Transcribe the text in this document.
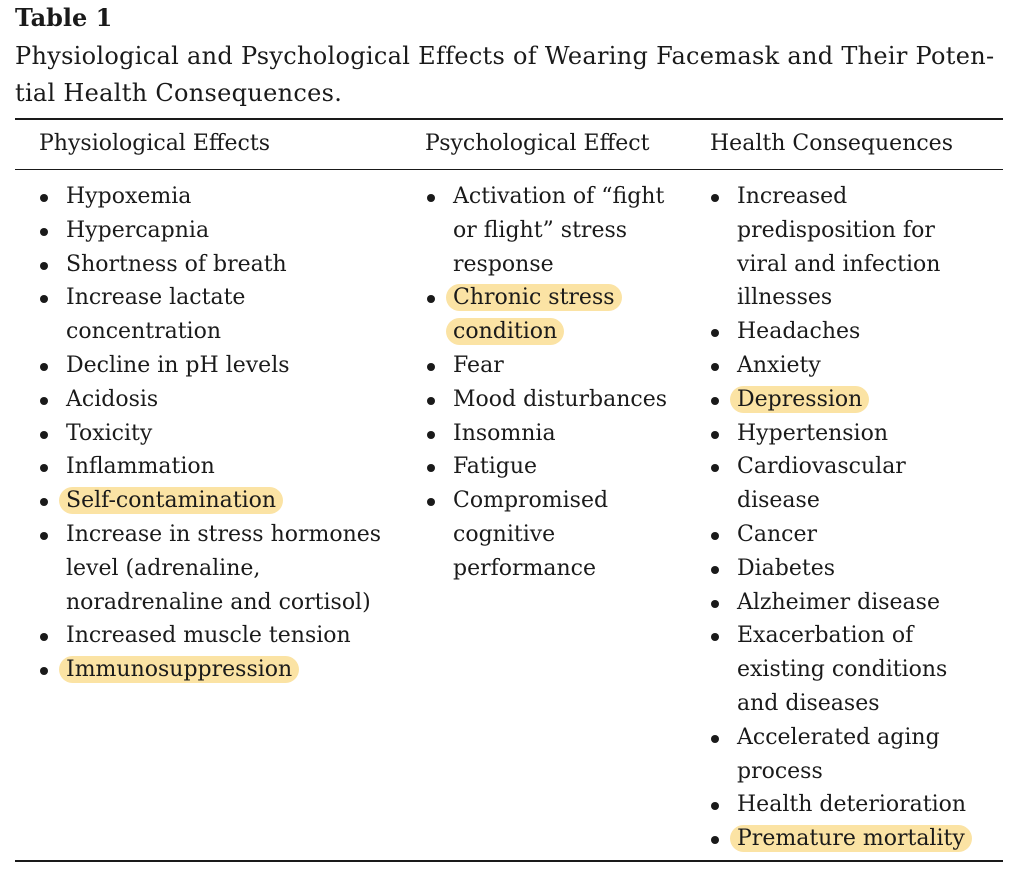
Table 1
Physiological and Psychological Effects of Wearing Facemask and Their Poten-
tial Health Consequences.
Physiological Effects	Psychological Effect	Health Consequences
Hypoxemia
Hypercapnia
Shortness of breath
Increase lactate
concentration
Decline in pH levels
Acidosis
Toxicity
Inflammation
Self-contamination
Increase in stress hormones
level (adrenaline,
noradrenaline and cortisol)
Increased muscle tension
Immunosuppression
Activation of “fight
or flight” stress
response
Chronic stress
condition
Fear
Mood disturbances
Insomnia
Fatigue
Compromised
cognitive
performance
Increased
predisposition for
viral and infection
illnesses
Headaches
Anxiety
Depression
Hypertension
Cardiovascular
disease
Cancer
Diabetes
Alzheimer disease
Exacerbation of
existing conditions
and diseases
Accelerated aging
process
Health deterioration
Premature mortality
